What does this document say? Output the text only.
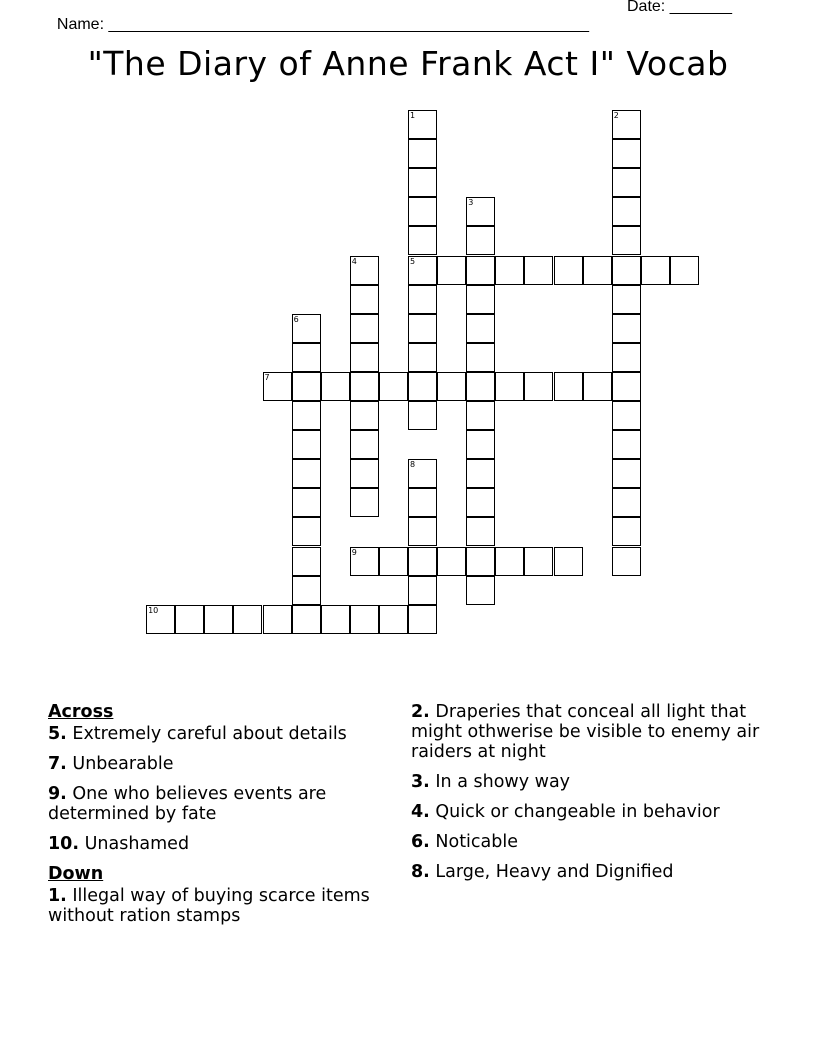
Name: ______________________________________________________

Date: _______

"The Diary of Anne Frank Act I" Vocab
1
5
2
3
4
6
7
8
9
10
Across
5. Extremely careful about details
7. Unbearable
9. One who believes events are determined by fate
10. Unashamed
Down
1. Illegal way of buying scarce items without ration stamps
2. Draperies that conceal all light that might othwerise be visible to enemy air raiders at night
3. In a showy way
4. Quick or changeable in behavior
6. Noticable
8. Large, Heavy and Dignified
